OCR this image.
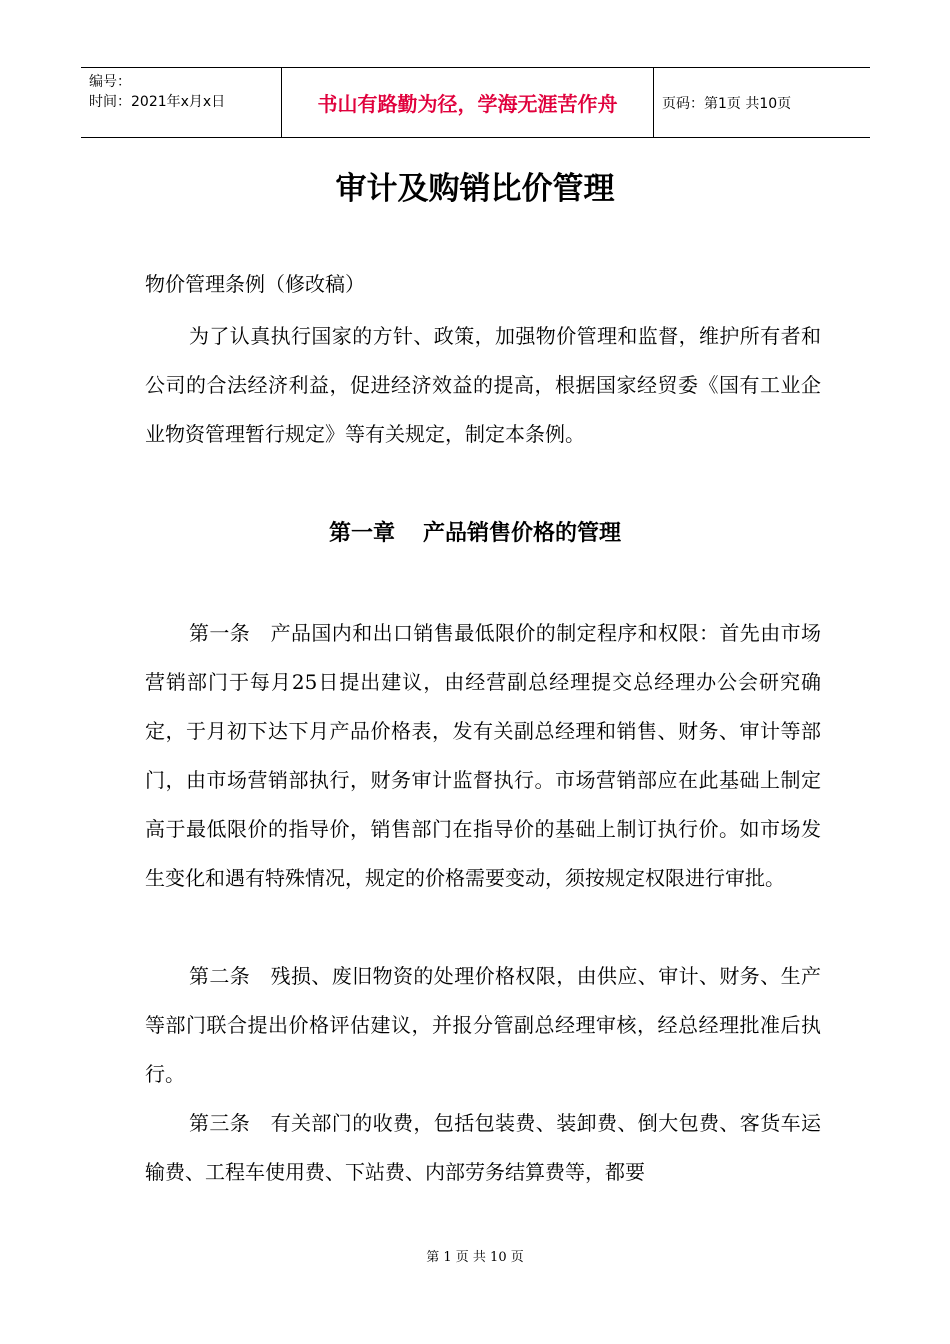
编号：
时间：2021年x月x日	书山有路勤为径，学海无涯苦作舟	页码：第1页 共10页
审计及购销比价管理

物价管理条例（修改稿）

为了认真执行国家的方针、政策，加强物价管理和监督，维护所有者和公司的合法经济利益，促进经济效益的提高，根据国家经贸委《国有工业企业物资管理暂行规定》等有关规定，制定本条例。

第一章 产品销售价格的管理

第一条　产品国内和出口销售最低限价的制定程序和权限：首先由市场营销部门于每月25日提出建议，由经营副总经理提交总经理办公会研究确定，于月初下达下月产品价格表，发有关副总经理和销售、财务、审计等部门，由市场营销部执行，财务审计监督执行。市场营销部应在此基础上制定高于最低限价的指导价，销售部门在指导价的基础上制订执行价。如市场发生变化和遇有特殊情况，规定的价格需要变动，须按规定权限进行审批。

第二条　残损、废旧物资的处理价格权限，由供应、审计、财务、生产等部门联合提出价格评估建议，并报分管副总经理审核，经总经理批准后执行。

第三条　有关部门的收费，包括包装费、装卸费、倒大包费、客货车运输费、工程车使用费、下站费、内部劳务结算费等，都要

第 1 页 共 10 页
